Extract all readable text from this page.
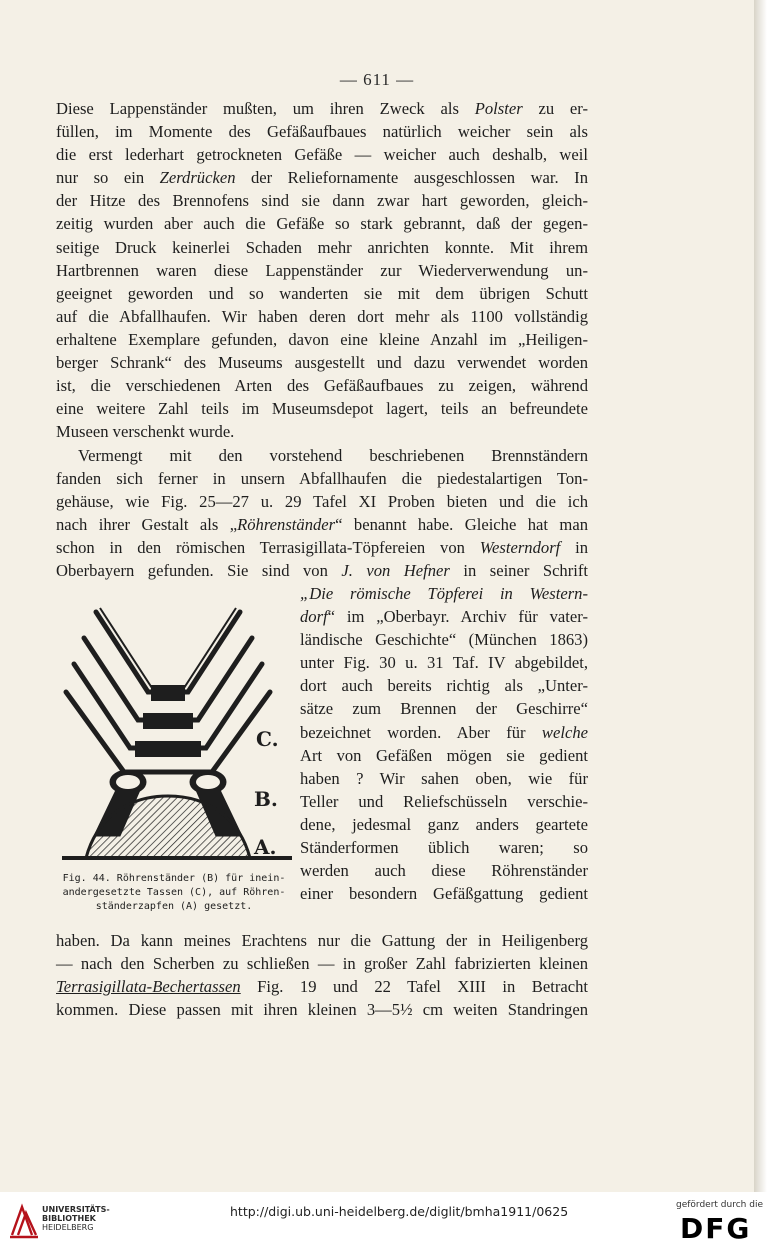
— 611 —
Diese Lappenständer mußten, um ihren Zweck als Polster zu er-
füllen, im Momente des Gefäßaufbaues natürlich weicher sein als
die erst lederhart getrockneten Gefäße — weicher auch deshalb, weil
nur so ein Zerdrücken der Reliefornamente ausgeschlossen war. In
der Hitze des Brennofens sind sie dann zwar hart geworden, gleich-
zeitig wurden aber auch die Gefäße so stark gebrannt, daß der gegen-
seitige Druck keinerlei Schaden mehr anrichten konnte. Mit ihrem
Hartbrennen waren diese Lappenständer zur Wiederverwendung un-
geeignet geworden und so wanderten sie mit dem übrigen Schutt
auf die Abfallhaufen. Wir haben deren dort mehr als 1100 vollständig
erhaltene Exemplare gefunden, davon eine kleine Anzahl im „Heiligen-
berger Schrank“ des Museums ausgestellt und dazu verwendet worden
ist, die verschiedenen Arten des Gefäßaufbaues zu zeigen, während
eine weitere Zahl teils im Museumsdepot lagert, teils an befreundete
Museen verschenkt wurde.
Vermengt mit den vorstehend beschriebenen Brennständern
fanden sich ferner in unsern Abfallhaufen die piedestalartigen Ton-
gehäuse, wie Fig. 25—27 u. 29 Tafel XI Proben bieten und die ich
nach ihrer Gestalt als „Röhrenständer“ benannt habe. Gleiche hat man
schon in den römischen Terrasigillata-Töpfereien von Westerndorf in
Oberbayern gefunden. Sie sind von J. von Hefner in seiner Schrift
„Die römische Töpferei in Western-
dorf“ im „Oberbayr. Archiv für vater-
ländische Geschichte“ (München 1863)
unter Fig. 30 u. 31 Taf. IV abgebildet,
dort auch bereits richtig als „Unter-
sätze zum Brennen der Geschirre“
bezeichnet worden. Aber für welche
Art von Gefäßen mögen sie gedient
haben ? Wir sahen oben, wie für
Teller und Reliefschüsseln verschie-
dene, jedesmal ganz anders geartete
Ständerformen üblich waren; so
werden auch diese Röhrenständer
einer besondern Gefäßgattung gedient
haben. Da kann meines Erachtens nur die Gattung der in Heiligenberg
— nach den Scherben zu schließen — in großer Zahl fabrizierten kleinen
Terrasigillata-Bechertassen Fig. 19 und 22 Tafel XIII in Betracht
kommen. Diese passen mit ihren kleinen 3—5½ cm weiten Standringen
C.
B.
A.
Fig. 44. Röhrenständer (B) für inein-
andergesetzte Tassen (C), auf Röhren-
ständerzapfen (A) gesetzt.
UNIVERSITÄTS-
BIBLIOTHEK
HEIDELBERG
http://digi.ub.uni-heidelberg.de/diglit/bmha1911/0625	gefördert durch die
DFG
